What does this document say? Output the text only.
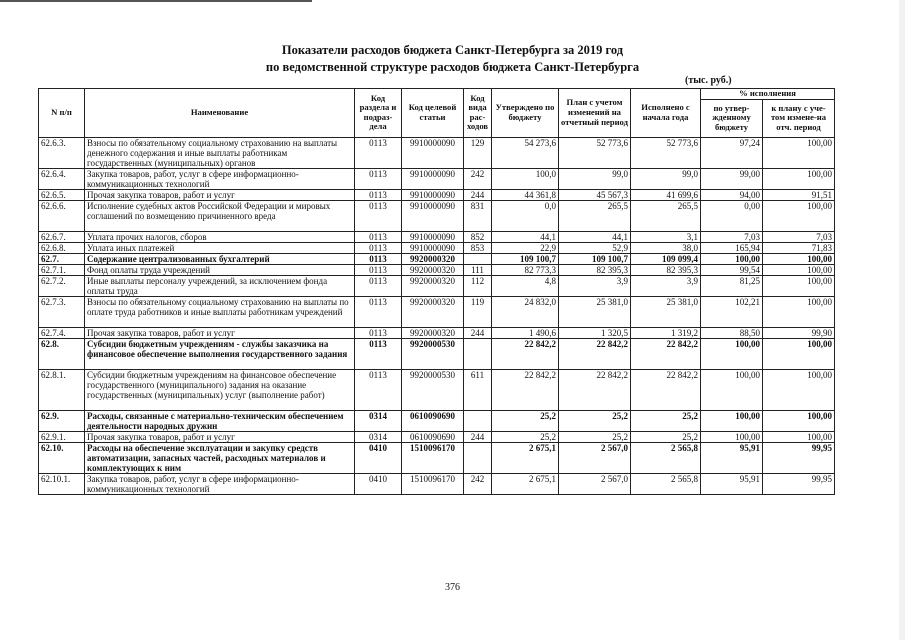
Показатели расходов бюджета Санкт-Петербурга за 2019 год
по ведомственной структуре расходов бюджета Санкт-Петербурга
(тыс. руб.)
N п/п	Наименование	Код раздела и подраз-дела	Код целевой статьи	Код вида рас-ходов	Утверждено по бюджету	План с учетом изменений на отчетный период	Исполнено с начала года	% исполнения	
								по утвер-жденному бюджету	к плану с уче-том измене-на отч. период
62.6.3.	Взносы по обязательному социальному страхованию на выплаты денежного содержания и иные выплаты работникам государственных (муниципальных) органов	0113	9910000090	129	54 273,6	52 773,6	52 773,6	97,24	100,00
62.6.4.	Закупка товаров, работ, услуг в сфере информационно-коммуникационных технологий	0113	9910000090	242	100,0	99,0	99,0	99,00	100,00
62.6.5.	Прочая закупка товаров, работ и услуг	0113	9910000090	244	44 361,8	45 567,3	41 699,6	94,00	91,51
62.6.6.	Исполнение судебных актов Российской Федерации и мировых соглашений по возмещению причиненного вреда	0113	9910000090	831	0,0	265,5	265,5	0,00	100,00
62.6.7.	Уплата прочих налогов, сборов	0113	9910000090	852	44,1	44,1	3,1	7,03	7,03
62.6.8.	Уплата иных платежей	0113	9910000090	853	22,9	52,9	38,0	165,94	71,83
62.7.	Содержание централизованных бухгалтерий	0113	9920000320		109 100,7	109 100,7	109 099,4	100,00	100,00
62.7.1.	Фонд оплаты труда учреждений	0113	9920000320	111	82 773,3	82 395,3	82 395,3	99,54	100,00
62.7.2.	Иные выплаты персоналу учреждений, за исключением фонда оплаты труда	0113	9920000320	112	4,8	3,9	3,9	81,25	100,00
62.7.3.	Взносы по обязательному социальному страхованию на выплаты по оплате труда работников и иные выплаты работникам учреждений	0113	9920000320	119	24 832,0	25 381,0	25 381,0	102,21	100,00
62.7.4.	Прочая закупка товаров, работ и услуг	0113	9920000320	244	1 490,6	1 320,5	1 319,2	88,50	99,90
62.8.	Субсидии бюджетным учреждениям - службы заказчика на финансовое обеспечение выполнения государственного задания	0113	9920000530		22 842,2	22 842,2	22 842,2	100,00	100,00
62.8.1.	Субсидии бюджетным учреждениям на финансовое обеспечение государственного (муниципального) задания на оказание государственных (муниципальных) услуг (выполнение работ)	0113	9920000530	611	22 842,2	22 842,2	22 842,2	100,00	100,00
62.9.	Расходы, связанные с материально-техническим обеспечением деятельности народных дружин	0314	0610090690		25,2	25,2	25,2	100,00	100,00
62.9.1.	Прочая закупка товаров, работ и услуг	0314	0610090690	244	25,2	25,2	25,2	100,00	100,00
62.10.	Расходы на обеспечение эксплуатации и закупку средств автоматизации, запасных частей, расходных материалов и комплектующих к ним	0410	1510096170		2 675,1	2 567,0	2 565,8	95,91	99,95
62.10.1.	Закупка товаров, работ, услуг в сфере информационно-коммуникационных технологий	0410	1510096170	242	2 675,1	2 567,0	2 565,8	95,91	99,95
376
